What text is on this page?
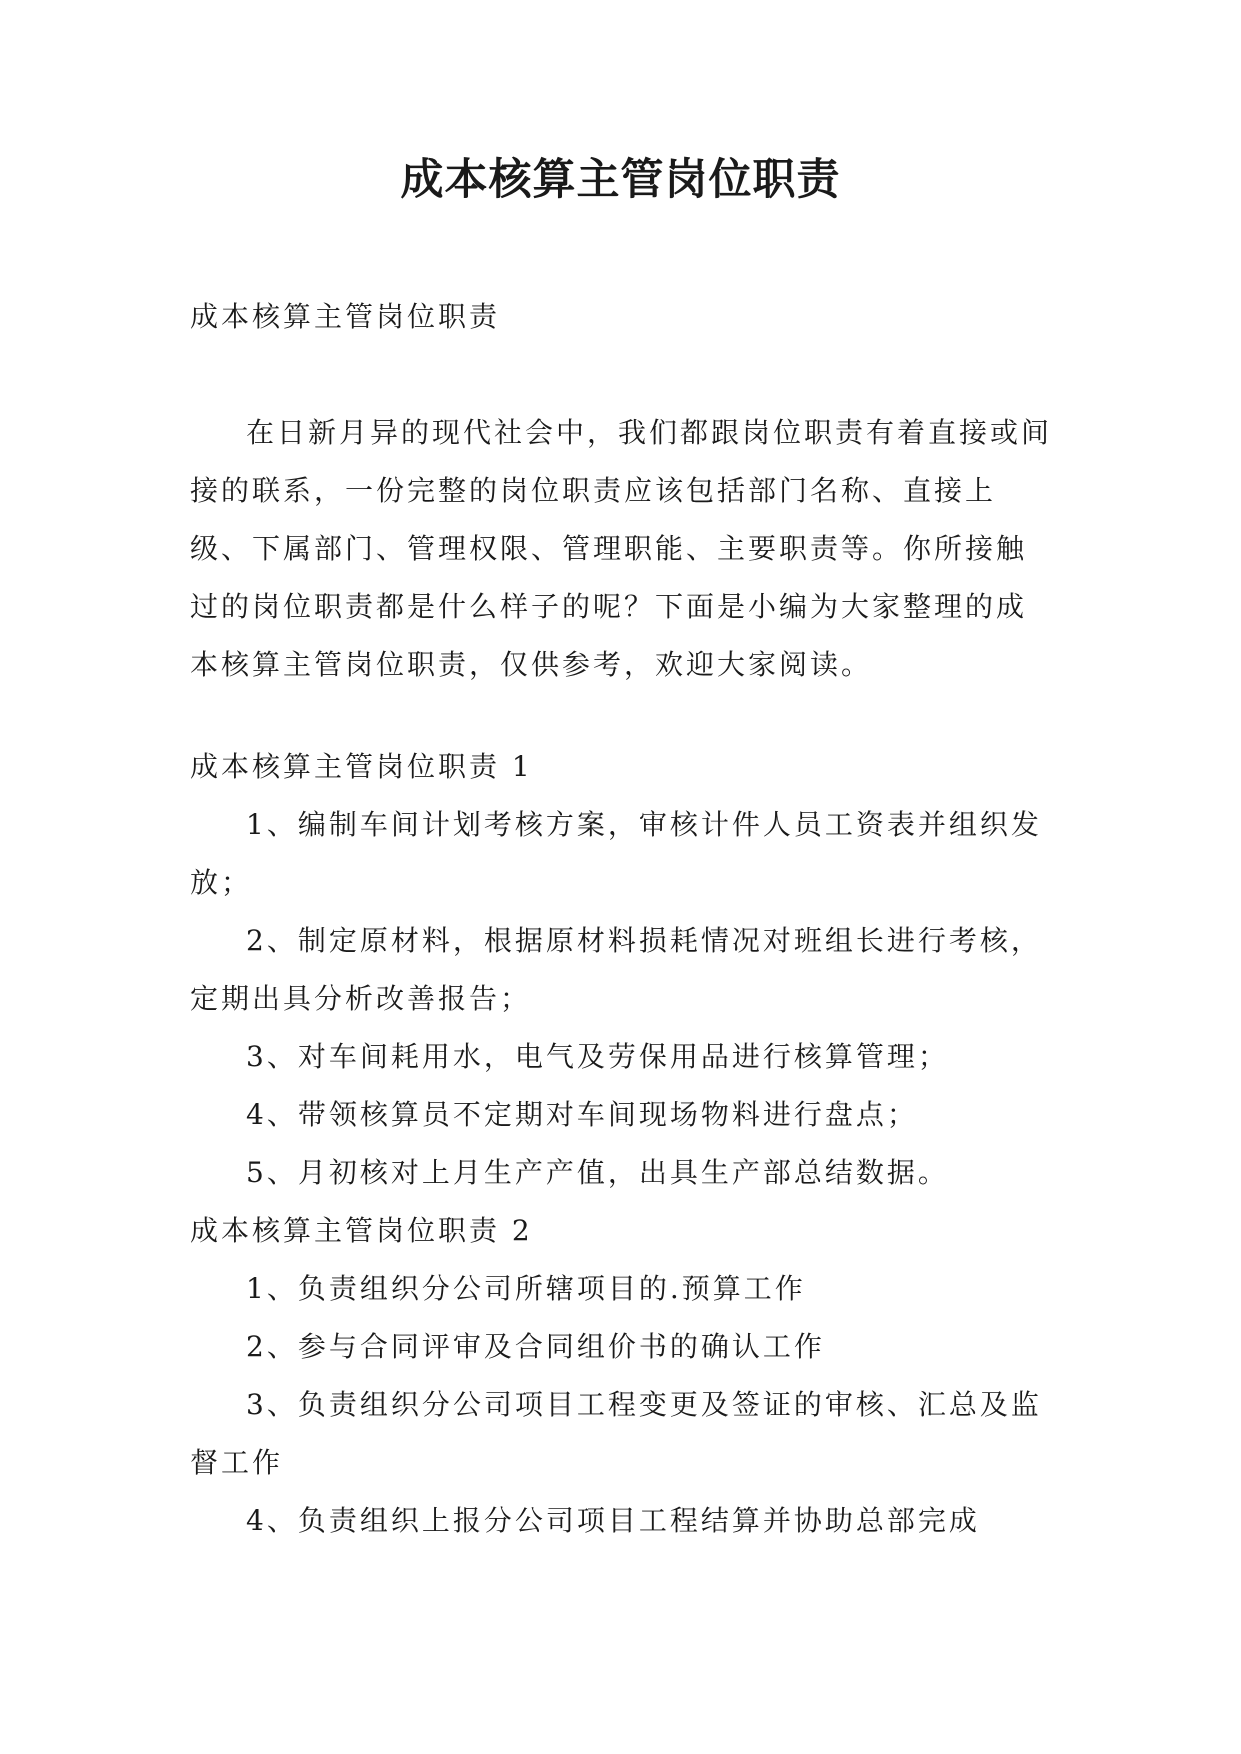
成本核算主管岗位职责

成本核算主管岗位职责

在日新月异的现代社会中，我们都跟岗位职责有着直接或间接的联系，一份完整的岗位职责应该包括部门名称、直接上级、下属部门、管理权限、管理职能、主要职责等。你所接触过的岗位职责都是什么样子的呢？下面是小编为大家整理的成本核算主管岗位职责，仅供参考，欢迎大家阅读。

成本核算主管岗位职责 1

1、编制车间计划考核方案，审核计件人员工资表并组织发放；

2、制定原材料，根据原材料损耗情况对班组长进行考核，定期出具分析改善报告；

3、对车间耗用水，电气及劳保用品进行核算管理；

4、带领核算员不定期对车间现场物料进行盘点；

5、月初核对上月生产产值，出具生产部总结数据。

成本核算主管岗位职责 2

1、负责组织分公司所辖项目的.预算工作

2、参与合同评审及合同组价书的确认工作

3、负责组织分公司项目工程变更及签证的审核、汇总及监督工作

4、负责组织上报分公司项目工程结算并协助总部完成
